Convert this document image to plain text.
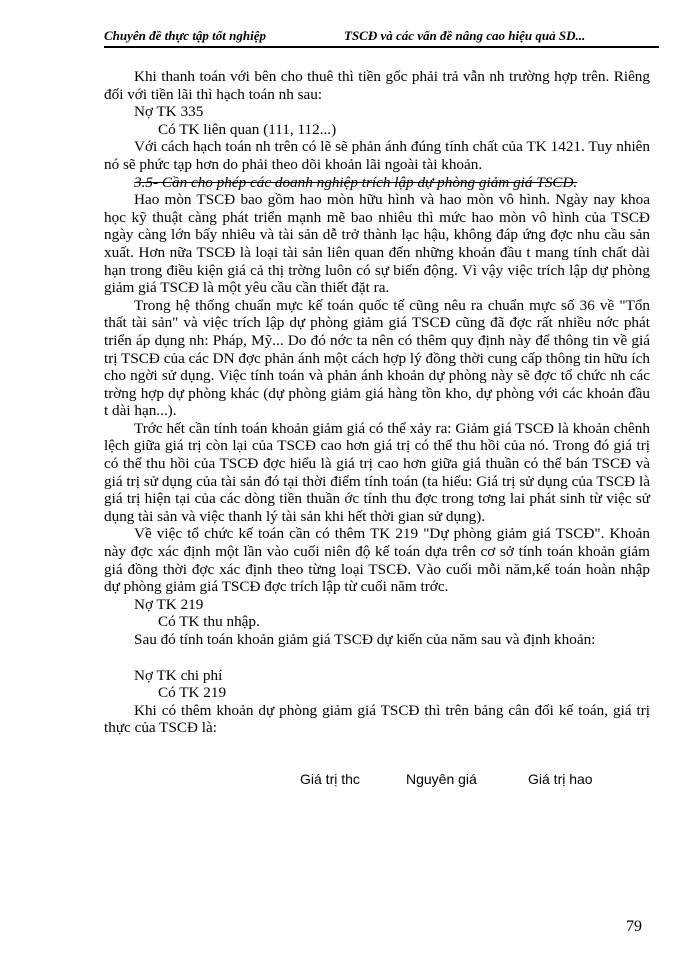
Chuyên đề thực tập tốt nghiệp	TSCĐ và các vấn đề nâng cao hiệu quả SD...

Khi thanh toán với bên cho thuê thì tiền gốc phải trả vẫn nh trường hợp trên. Riêng đối với tiền lãi thì hạch toán nh sau:

Nợ TK 335

Có TK liên quan (111, 112...)

Với cách hạch toán nh trên có lẽ sẽ phản ánh đúng tính chất của TK 1421. Tuy nhiên nó sẽ phức tạp hơn do phải theo dõi khoản lãi ngoài tài khoản.

3.5- Cần cho phép các doanh nghiệp trích lập dự phòng giảm giá TSCĐ.

Hao mòn TSCĐ bao gồm hao mòn hữu hình và hao mòn vô hình. Ngày nay khoa học kỹ thuật càng phát triển mạnh mẽ bao nhiêu thì mức hao mòn vô hình của TSCĐ ngày càng lớn bấy nhiêu và tài sản dễ trở thành lạc hậu, không đáp ứng đợc nhu cầu sản xuất. Hơn nữa TSCĐ là loại tài sản liên quan đến những khoản đầu t mang tính chất dài hạn trong điều kiện giá cả thị trờng luôn có sự biến động. Vì vậy việc trích lập dự phòng giảm giá TSCĐ là một yêu cầu cần thiết đặt ra.

Trong hệ thống chuẩn mực kế toán quốc tế cũng nêu ra chuẩn mực số 36 về "Tổn thất tài sản" và việc trích lập dự phòng giảm giá TSCĐ cũng đã đợc rất nhiều nớc phát triển áp dụng nh: Pháp, Mỹ... Do đó nớc ta nên có thêm quy định này để thông tin về giá trị TSCĐ của các DN đợc phản ánh một cách hợp lý đồng thời cung cấp thông tin hữu ích cho ngời sử dụng. Việc tính toán và phản ánh khoản dự phòng này sẽ đợc tổ chức nh các trờng hợp dự phòng khác (dự phòng giảm giá hàng tồn kho, dự phòng với các khoản đầu t dài hạn...).

Trớc hết cần tính toán khoản giảm giá có thể xảy ra: Giảm giá TSCĐ là khoản chênh lệch giữa giá trị còn lại của TSCĐ cao hơn giá trị có thể thu hồi của nó. Trong đó giá trị có thể thu hồi của TSCĐ đợc hiểu là giá trị cao hơn giữa giá thuần có thể bán TSCĐ và giá trị sử dụng của tài sản đó tại thời điểm tính toán (ta hiểu: Giá trị sử dụng của TSCĐ là giá trị hiện tại của các dòng tiền thuần ớc tính thu đợc trong tơng lai phát sinh từ việc sử dụng tài sản và việc thanh lý tài sản khi hết thời gian sử dụng).

Về việc tổ chức kế toán cần có thêm TK 219 "Dự phòng giảm giá TSCĐ". Khoản này đợc xác định một lần vào cuối niên độ kế toán dựa trên cơ sở tính toán khoản giảm giá đồng thời đợc xác định theo từng loại TSCĐ. Vào cuối mỗi năm,kế toán hoàn nhập dự phòng giảm giá TSCĐ đợc trích lập từ cuối năm trớc.

Nợ TK 219

Có TK thu nhập.

Sau đó tính toán khoản giảm giá TSCĐ dự kiến của năm sau và định khoản:

Nợ TK chi phí

Có TK 219

Khi có thêm khoản dự phòng giảm giá TSCĐ thì trên bảng cân đối kế toán, giá trị thực của TSCĐ là:

Giá trị thc	Nguyên giá	Giá trị hao
79
